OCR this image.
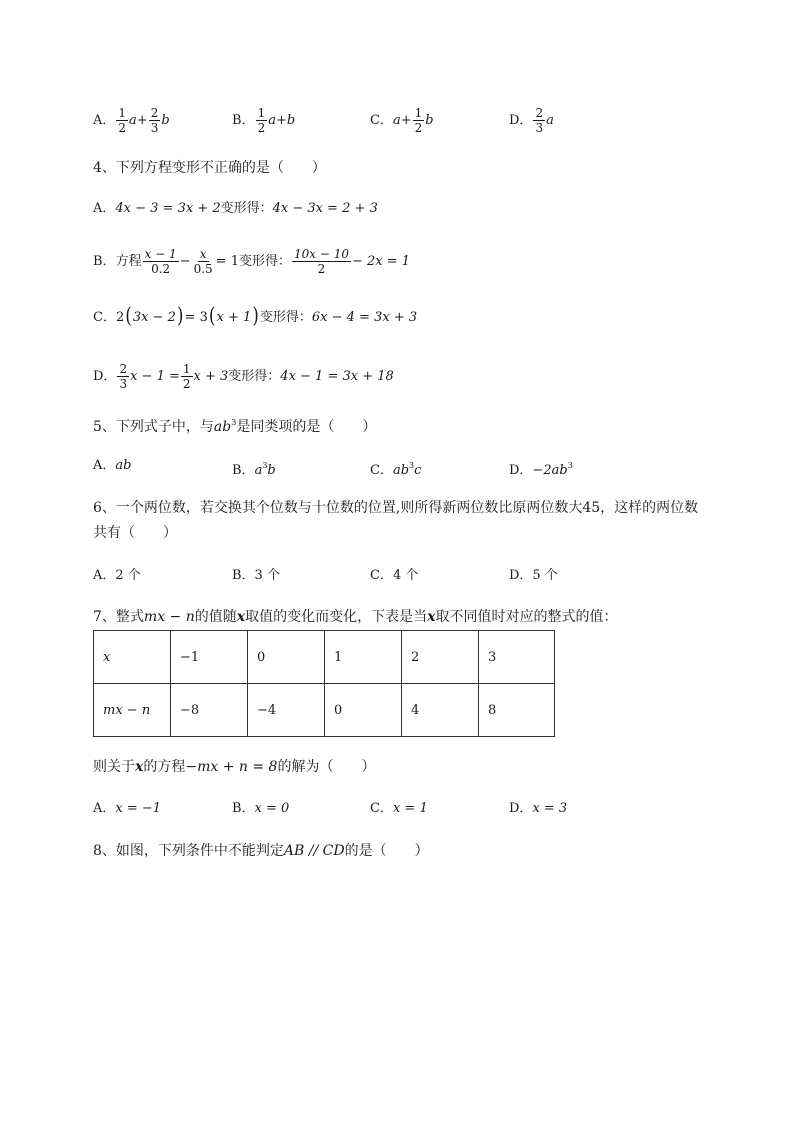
A． $\frac{1}{2} a+ \frac{2}{3}$ b	B． $\frac{1}{2} a+b$	C．$a+ \frac{1}{2}$ b	D． $\frac{2}{3}$ a
4、下列方程变形不正确的是（　　）
A．4x − 3 = 3x + 2变形得：4x − 3x = 2 + 3
B．方程 $\frac{x - 1}{0.2} - \frac{x}{0.5} = 1$变形得： $\frac{10x - 10}{2} - 2x = 1$
C．2(3x − 2)= 3(x + 1)变形得：6x − 4 = 3x + 3
D． $\frac{2}{3}$ $x - 1 = \frac{1}{2}$ x + 3变形得：4x − 1 = 3x + 18
5、下列式子中，与$ab^3$是同类项的是（　　）
A．ab	B．$a^3b$	C．$ab^3c$	D．$-2ab^3$
6、一个两位数，若交换其个位数与十位数的位置,则所得新两位数比原两位数大45，这样的两位数
共有（　　）
A．2 个	B．3 个	C．4 个	D．5 个
7、整式mx − n的值随x取值的变化而变化，下表是当x取不同值时对应的整式的值：
x	−1	0	1	2	3
mx − n	−8	−4	0	4	8
则关于x的方程−mx + n = 8的解为（　　）
A．x = −1	B．x = 0	C．x = 1	D．x = 3
8、如图，下列条件中不能判定AB // CD的是（　　）
